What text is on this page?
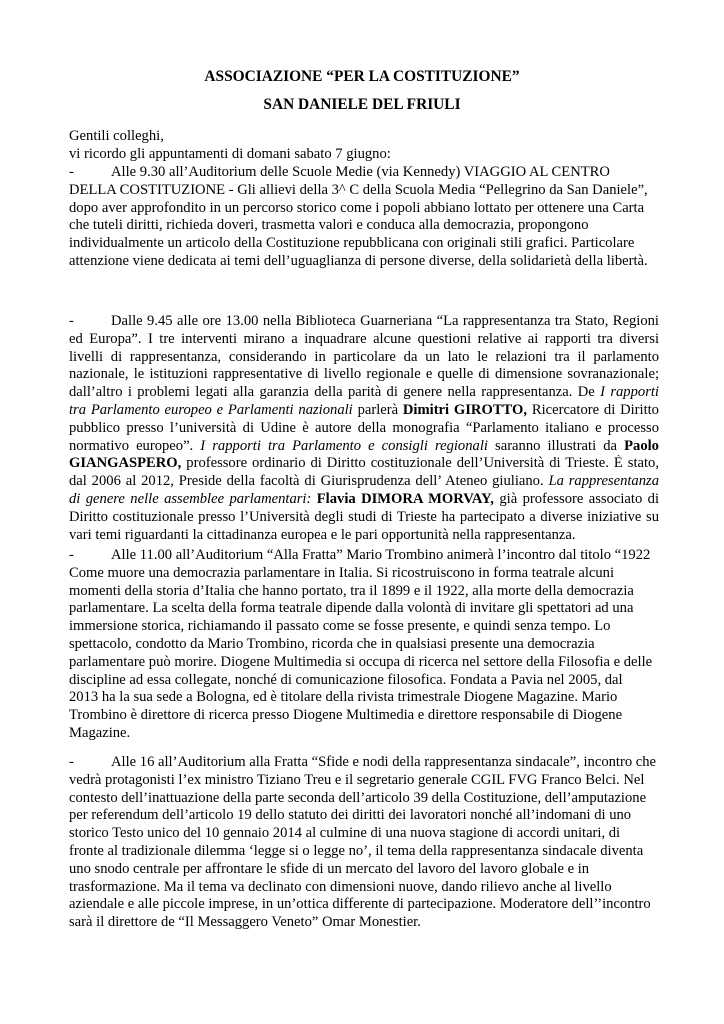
ASSOCIAZIONE “PER LA COSTITUZIONE”
SAN DANIELE DEL FRIULI
Gentili colleghi,
vi ricordo gli appuntamenti di domani sabato 7 giugno:
-	Alle 9.30 all’Auditorium delle Scuole Medie (via Kennedy) VIAGGIO AL CENTRO
DELLA COSTITUZIONE - Gli allievi della 3^ C della Scuola Media “Pellegrino da San Daniele”,
dopo aver approfondito in un percorso storico come i popoli abbiano lottato per ottenere una Carta
che tuteli diritti, richieda doveri, trasmetta valori e conduca alla democrazia, propongono
individualmente un articolo della Costituzione repubblicana con originali stili grafici. Particolare
attenzione viene dedicata ai temi dell’uguaglianza di persone diverse, della solidarietà della libertà.
-	Dalle 9.45 alle ore 13.00 nella Biblioteca Guarneriana “La rappresentanza tra Stato, Regioni
ed Europa”. I tre interventi mirano a inquadrare alcune questioni relative ai rapporti tra diversi
livelli di rappresentanza, considerando in particolare da un lato le relazioni tra il parlamento
nazionale, le istituzioni rappresentative di livello regionale e quelle di dimensione sovranazionale;
dall’altro i problemi legati alla garanzia della parità di genere nella rappresentanza. De I rapporti
tra Parlamento europeo e Parlamenti nazionali parlerà Dimitri GIROTTO, Ricercatore di Diritto
pubblico presso l’università di Udine è autore della monografia “Parlamento italiano e processo
normativo europeo”. I rapporti tra Parlamento e consigli regionali saranno illustrati da Paolo
GIANGASPERO, professore ordinario di Diritto costituzionale dell’Università di Trieste. È stato,
dal 2006 al 2012, Preside della facoltà di Giurisprudenza dell’ Ateneo giuliano. La rappresentanza
di genere nelle assemblee parlamentari: Flavia DIMORA MORVAY, già professore associato di
Diritto costituzionale presso l’Università degli studi di Trieste ha partecipato a diverse iniziative su
vari temi riguardanti la cittadinanza europea e le pari opportunità nella rappresentanza.
-	Alle 11.00 all’Auditorium “Alla Fratta” Mario Trombino animerà l’incontro dal titolo “1922
Come muore una democrazia parlamentare in Italia. Si ricostruiscono in forma teatrale alcuni
momenti della storia d’Italia che hanno portato, tra il 1899 e il 1922, alla morte della democrazia
parlamentare. La scelta della forma teatrale dipende dalla volontà di invitare gli spettatori ad una
immersione storica, richiamando il passato come se fosse presente, e quindi senza tempo. Lo
spettacolo, condotto da Mario Trombino, ricorda che in qualsiasi presente una democrazia
parlamentare può morire. Diogene Multimedia si occupa di ricerca nel settore della Filosofia e delle
discipline ad essa collegate, nonché di comunicazione filosofica. Fondata a Pavia nel 2005, dal
2013 ha la sua sede a Bologna, ed è titolare della rivista trimestrale Diogene Magazine. Mario
Trombino è direttore di ricerca presso Diogene Multimedia e direttore responsabile di Diogene
Magazine.
-	Alle 16 all’Auditorium alla Fratta “Sfide e nodi della rappresentanza sindacale”, incontro che
vedrà protagonisti l’ex ministro Tiziano Treu e il segretario generale CGIL FVG Franco Belci. Nel
contesto dell’inattuazione della parte seconda dell’articolo 39 della Costituzione, dell’amputazione
per referendum dell’articolo 19 dello statuto dei diritti dei lavoratori nonché all’indomani di uno
storico Testo unico del 10 gennaio 2014 al culmine di una nuova stagione di accordi unitari, di
fronte al tradizionale dilemma ‘legge si o legge no’, il tema della rappresentanza sindacale diventa
uno snodo centrale per affrontare le sfide di un mercato del lavoro del lavoro globale e in
trasformazione. Ma il tema va declinato con dimensioni nuove, dando rilievo anche al livello
aziendale e alle piccole imprese, in un’ottica differente di partecipazione. Moderatore dell’’incontro
sarà il direttore de “Il Messaggero Veneto” Omar Monestier.
